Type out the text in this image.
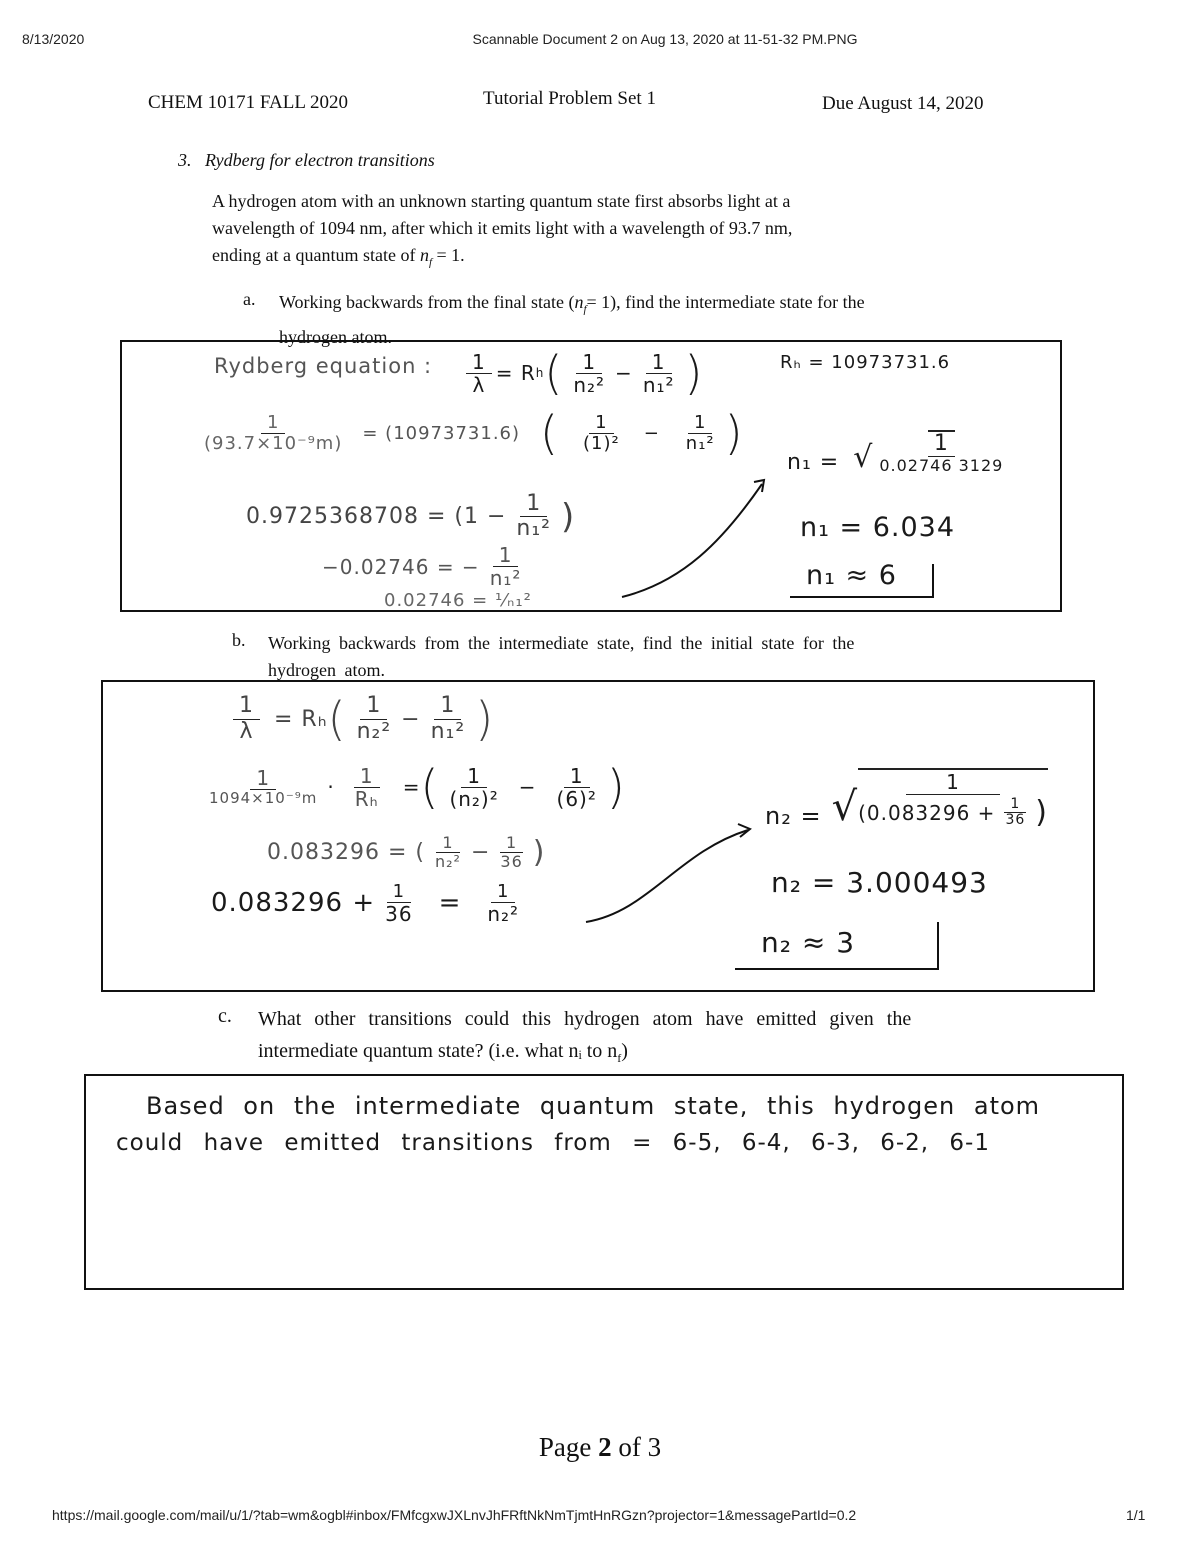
8/13/2020	Scannable Document 2 on Aug 13, 2020 at 11-51-32 PM.PNG
CHEM 10171 FALL 2020	Tutorial Problem Set 1	Due August 14, 2020
3. Rydberg for electron transitions
A hydrogen atom with an unknown starting quantum state first absorbs light at a
wavelength of 1094 nm, after which it emits light with a wavelength of 93.7 nm,
ending at a quantum state of $n_f = 1$.
a. Working backwards from the final state $(n_f= 1)$, find the intermediate state for the
hydrogen atom.
Rydberg equation : $\frac{1}{\lambda}$ =
R h ( $\frac{1}{\text{n₂²}} - \frac{1}{\text{n₁²}}$ )	Rₕ = 10973731.6
$\frac{1}{\text{(93.7×10⁻⁹m)}} = (10973731.6)$ ( $\frac{1}{\text{(1)²}} - \frac{1}{\text{n₁²}}$ )
$0.9725368708 = (1 - \frac{1}{\text{n₁²}}$ )
−0.02746 = − $\frac{1}{\text{n₁²}}$
0.02746 = ¹⁄ₙ₁²
n₁ = √ $\frac{1}{0.02746 3129}$
n₁ = 6.034
n₁ ≈ 6
b. Working backwards from the intermediate state, find the initial state for the
hydrogen atom.
$\frac{1}{\lambda} = R_h$ ( $\frac{1}{\text{n₂²}} - \frac{1}{\text{n₁²}}$ )
$\frac{1}{\text{1094×10⁻⁹m}} \cdot \frac{1}{\text{Rₕ}}$ = ( $\frac{1}{\text{(n₂)²}} - \frac{1}{\text{(6)²}}$ )
0.083296 = ( $\frac{1}{\text{n₂²}} - \frac{1}{36}$ )
$0.083296 + \frac{1}{36} = \frac{1}{\text{n₂²}}$
n₂ = √ $\frac{1}{(0.083296 + \frac{1}{36} )}$
n₂ = 3.000493
n₂ ≈ 3
c. What other transitions could this hydrogen atom have emitted given the
intermediate quantum state? (i.e. what nᵢ to $n_f$)
Based on the intermediate quantum state, this hydrogen atom
could have emitted transitions from = 6-5, 6-4, 6-3, 6-2, 6-1
Page 2 of 3
https://mail.google.com/mail/u/1/?tab=wm&ogbl#inbox/FMfcgxwJXLnvJhFRftNkNmTjmtHnRGzn?projector=1&messagePartId=0.2	1/1
